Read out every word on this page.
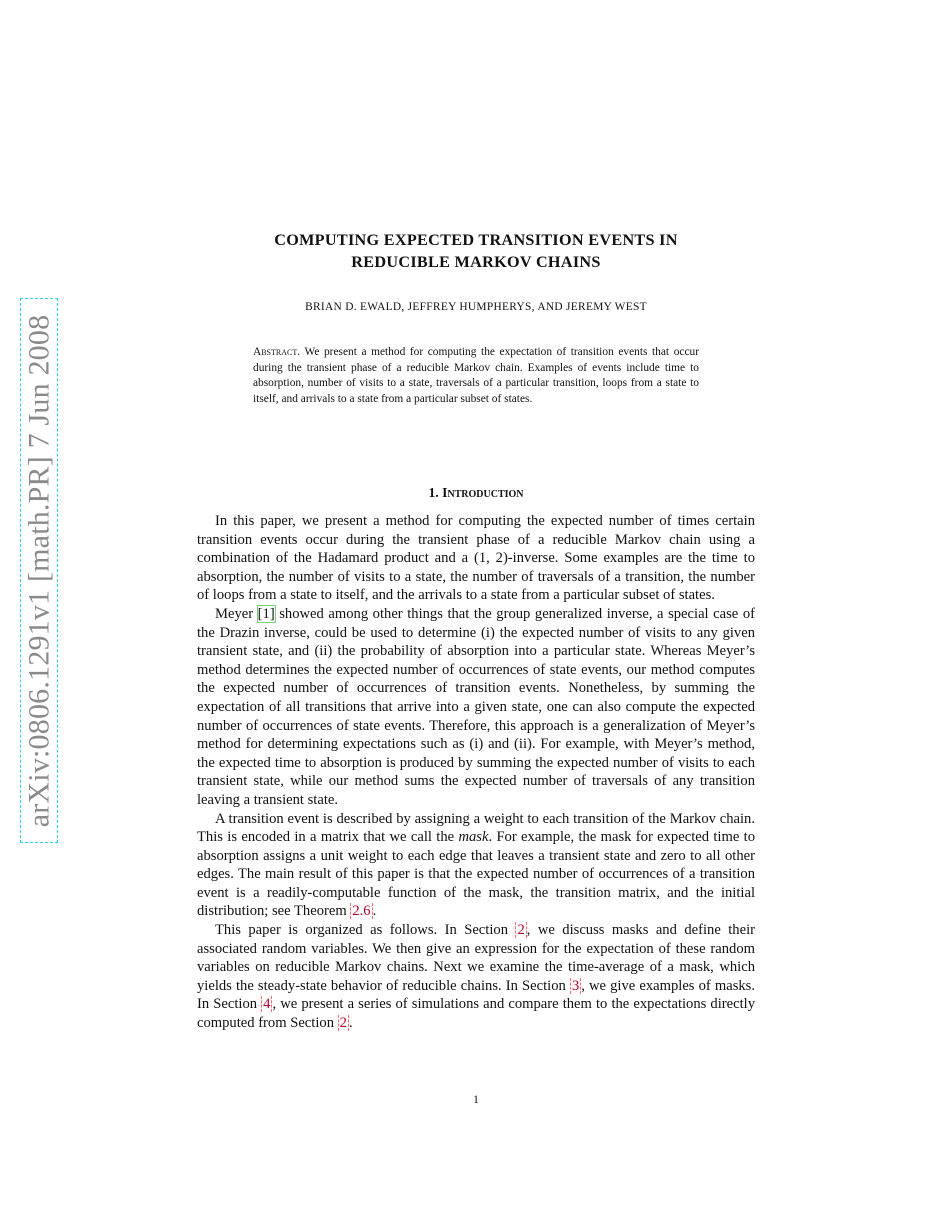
arXiv:0806.1291v1 [math.PR] 7 Jun 2008
COMPUTING EXPECTED TRANSITION EVENTS IN
REDUCIBLE MARKOV CHAINS

BRIAN D. EWALD, JEFFREY HUMPHERYS, AND JEREMY WEST

Abstract. We present a method for computing the expectation of transition events that occur during the transient phase of a reducible Markov chain. Examples of events include time to absorption, number of visits to a state, traversals of a particular transition, loops from a state to itself, and arrivals to a state from a particular subset of states.

1. Introduction

In this paper, we present a method for computing the expected number of times certain transition events occur during the transient phase of a reducible Markov chain using a combination of the Hadamard product and a (1, 2)-inverse. Some examples are the time to absorption, the number of visits to a state, the number of traversals of a transition, the number of loops from a state to itself, and the arrivals to a state from a particular subset of states.

Meyer [1] showed among other things that the group generalized inverse, a special case of the Drazin inverse, could be used to determine (i) the expected number of visits to any given transient state, and (ii) the probability of absorption into a particular state. Whereas Meyer’s method determines the expected number of occurrences of state events, our method computes the expected number of occurrences of transition events. Nonetheless, by summing the expectation of all transitions that arrive into a given state, one can also compute the expected number of occurrences of state events. Therefore, this approach is a generalization of Meyer’s method for determining expectations such as (i) and (ii). For example, with Meyer’s method, the expected time to absorption is produced by summing the expected number of visits to each transient state, while our method sums the expected number of traversals of any transition leaving a transient state.

A transition event is described by assigning a weight to each transition of the Markov chain. This is encoded in a matrix that we call the mask. For example, the mask for expected time to absorption assigns a unit weight to each edge that leaves a transient state and zero to all other edges. The main result of this paper is that the expected number of occurrences of a transition event is a readily-computable function of the mask, the transition matrix, and the initial distribution; see Theorem 2.6 .

This paper is organized as follows. In Section 2 , we discuss masks and define their associated random variables. We then give an expression for the expectation of these random variables on reducible Markov chains. Next we examine the time-average of a mask, which yields the steady-state behavior of reducible chains. In Section 3 , we give examples of masks. In Section 4 , we present a series of simulations and compare them to the expectations directly computed from Section 2 .

1
